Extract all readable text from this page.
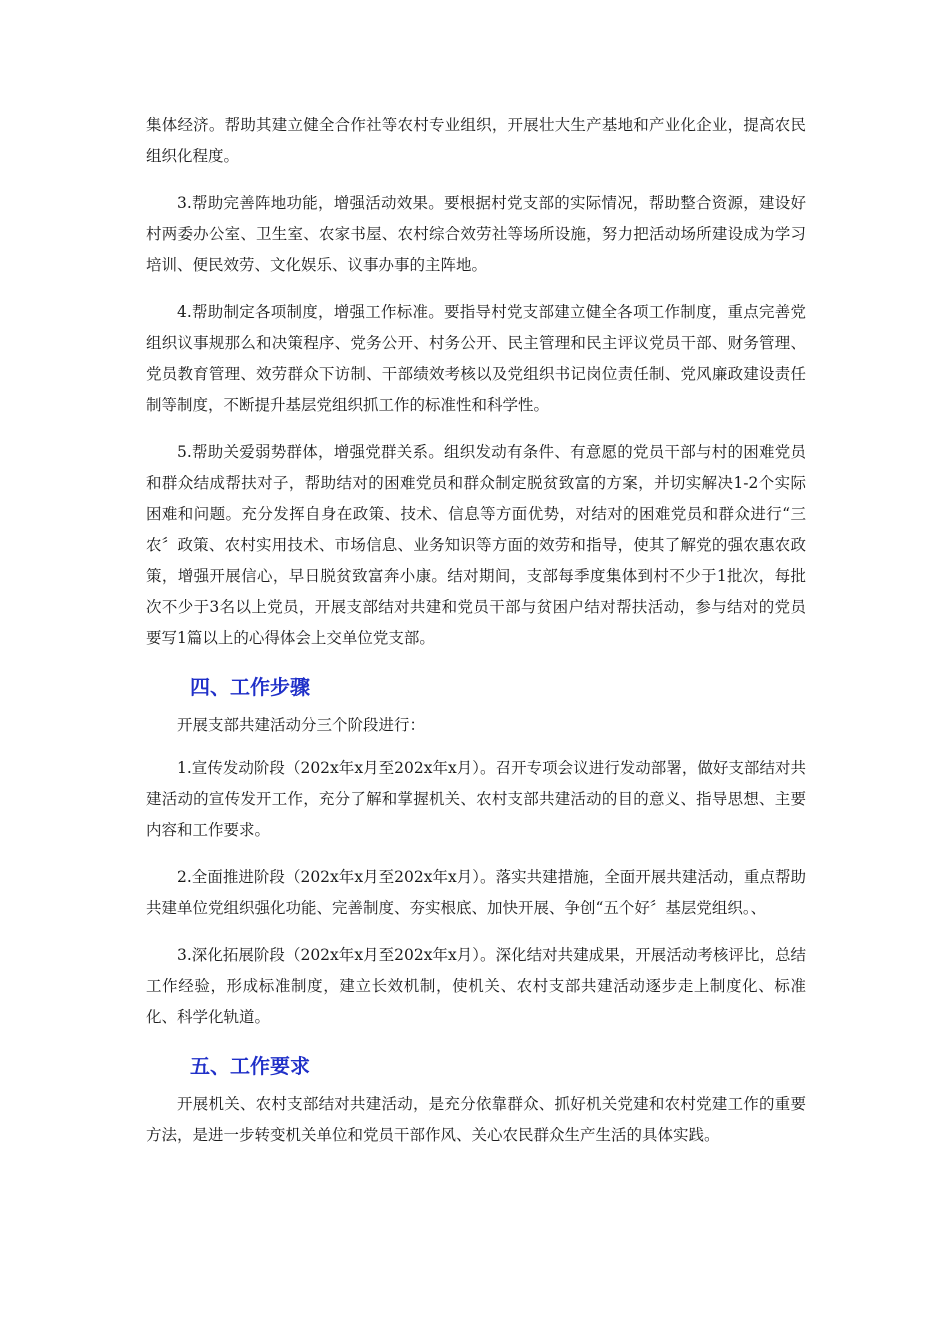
集体经济。帮助其建立健全合作社等农村专业组织，开展壮大生产基地和产业化企业，提高农民组织化程度。

3.帮助完善阵地功能，增强活动效果。要根据村党支部的实际情况，帮助整合资源，建设好村两委办公室、卫生室、农家书屋、农村综合效劳社等场所设施，努力把活动场所建设成为学习培训、便民效劳、文化娱乐、议事办事的主阵地。

4.帮助制定各项制度，增强工作标准。要指导村党支部建立健全各项工作制度，重点完善党组织议事规那么和决策程序、党务公开、村务公开、民主管理和民主评议党员干部、财务管理、党员教育管理、效劳群众下访制、干部绩效考核以及党组织书记岗位责任制、党风廉政建设责任制等制度，不断提升基层党组织抓工作的标准性和科学性。

5.帮助关爱弱势群体，增强党群关系。组织发动有条件、有意愿的党员干部与村的困难党员和群众结成帮扶对子，帮助结对的困难党员和群众制定脱贫致富的方案，并切实解决1-2个实际困难和问题。充分发挥自身在政策、技术、信息等方面优势，对结对的困难党员和群众进行“三农〞政策、农村实用技术、市场信息、业务知识等方面的效劳和指导，使其了解党的强农惠农政策，增强开展信心，早日脱贫致富奔小康。结对期间，支部每季度集体到村不少于1批次，每批次不少于3名以上党员，开展支部结对共建和党员干部与贫困户结对帮扶活动，参与结对的党员要写1篇以上的心得体会上交单位党支部。

四、工作步骤

开展支部共建活动分三个阶段进行：

1.宣传发动阶段（202x年x月至202x年x月）。召开专项会议进行发动部署，做好支部结对共建活动的宣传发开工作，充分了解和掌握机关、农村支部共建活动的目的意义、指导思想、主要内容和工作要求。

2.全面推进阶段（202x年x月至202x年x月）。落实共建措施，全面开展共建活动，重点帮助共建单位党组织强化功能、完善制度、夯实根底、加快开展、争创“五个好〞基层党组织。、

3.深化拓展阶段（202x年x月至202x年x月）。深化结对共建成果，开展活动考核评比，总结工作经验，形成标准制度，建立长效机制，使机关、农村支部共建活动逐步走上制度化、标准化、科学化轨道。

五、工作要求

开展机关、农村支部结对共建活动，是充分依靠群众、抓好机关党建和农村党建工作的重要方法，是进一步转变机关单位和党员干部作风、关心农民群众生产生活的具体实践。
